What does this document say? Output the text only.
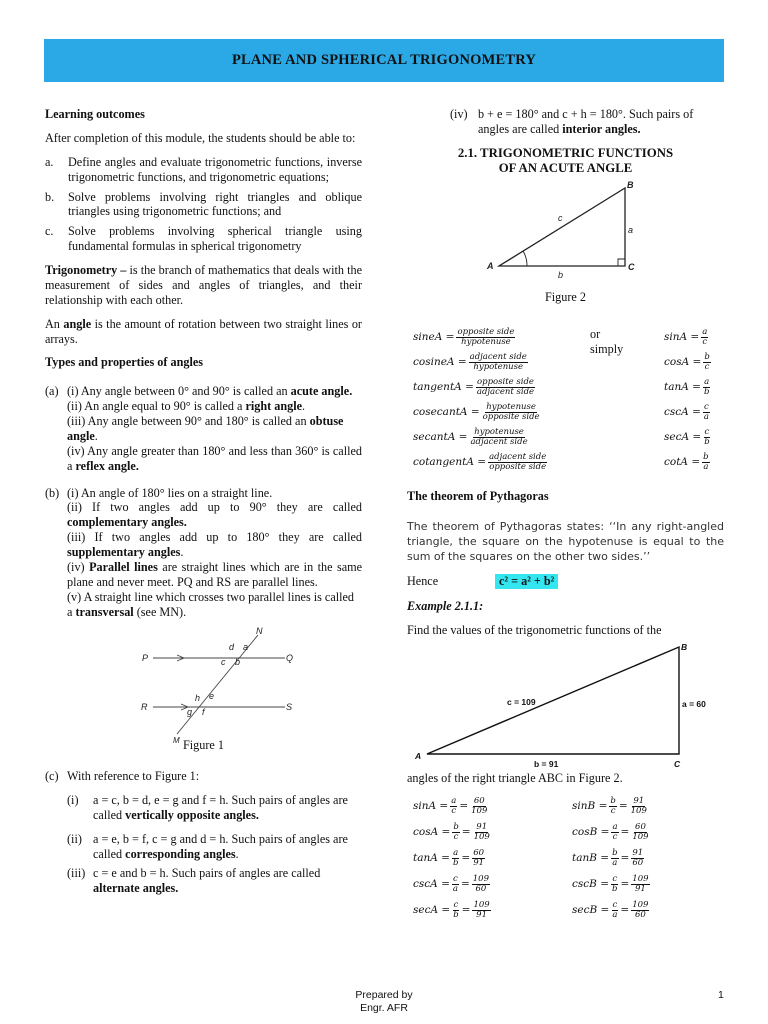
PLANE AND SPHERICAL TRIGONOMETRY

Learning outcomes

After completion of this module, the students should be able to:

a.	Define angles and evaluate trigonometric functions, inverse trigonometric functions, and trigonometric equations;
b.	Solve problems involving right triangles and oblique triangles using trigonometric functions; and
c.	Solve problems involving spherical triangle using fundamental formulas in spherical trigonometry

Trigonometry – is the branch of mathematics that deals with the measurement of sides and angles of triangles, and their relationship with each other.

An angle is the amount of rotation between two straight lines or arrays.

Types and properties of angles

(a) (i) Any angle between 0° and 90° is called an acute angle.
(ii) An angle equal to 90° is called a right angle.
(iii) Any angle between 90° and 180° is called an obtuse angle.
(iv) Any angle greater than 180° and less than 360° is called a reflex angle.
(b) (i) An angle of 180° lies on a straight line.
(ii) If two angles add up to 90° they are called complementary angles.
(iii) If two angles add up to 180° they are called supplementary angles.
(iv) Parallel lines are straight lines which are in the same plane and never meet. PQ and RS are parallel lines.
(v) A straight line which crosses two parallel lines is called a transversal (see MN).
N
P	Q
R	S
M
d a
c b
h e
g f

Figure 1

(c) With reference to Figure 1:
(i)	a = c, b = d, e = g and f = h. Such pairs of angles are called vertically opposite angles.
(ii) a = e, b = f, c = g and d = h. Such pairs of angles are called corresponding angles.
(iii) c = e and b = h. Such pairs of angles are called alternate angles.
(iv) b + e = 180° and c + h = 180°. Such pairs of angles are called interior angles.
2.1. TRIGONOMETRIC FUNCTIONS
OF AN ACUTE ANGLE
A
B
C
a
b
c

Figure 2

or
simply
sineA = $\frac{\text{opposite side}}{\text{hypotenuse}}$	$\sin A = \frac{a}{c}$
cosineA = $\frac{\text{adjacent side}}{\text{hypotenuse}}$	$\cos A = \frac{b}{c}$
tangentA = $\frac{\text{opposite side}}{\text{adjacent side}}$	$\tan A = \frac{a}{b}$
cosecantA = $\frac{\text{hypotenuse}}{\text{opposite side}}$	$\csc A = \frac{c}{a}$
secantA = $\frac{\text{hypotenuse}}{\text{adjacent side}}$	$\sec A = \frac{c}{b}$
cotangentA = $\frac{\text{adjacent side}}{\text{opposite side}}$	$\cot A = \frac{b}{a}$

The theorem of Pythagoras

The theorem of Pythagoras states: ‘‘In any right-angled triangle, the square on the hypotenuse is equal to the sum of the squares on the other two sides.’’

Hence	c² = a² + b²

Example 2.1.1:

Find the values of the trigonometric functions of the

A
B
C
c = 109	a = 60
b = 91

angles of the right triangle ABC in Figure 2.

$\sin A = \frac{a}{c} = \frac{60}{109}$	$\sin B = \frac{b}{c} = \frac{91}{109}$
$\cos A = \frac{b}{c} = \frac{91}{109}$	$\cos B = \frac{a}{c} = \frac{60}{109}$
$\tan A = \frac{a}{b} = \frac{60}{91}$	$\tan B = \frac{b}{a} = \frac{91}{60}$
$\csc A = \frac{c}{a} = \frac{109}{60}$	$\csc B = \frac{c}{b} = \frac{109}{91}$
$\sec A = \frac{c}{b} = \frac{109}{91}$	$\sec B = \frac{c}{a} = \frac{109}{60}$
Prepared by
Engr. AFR
1
